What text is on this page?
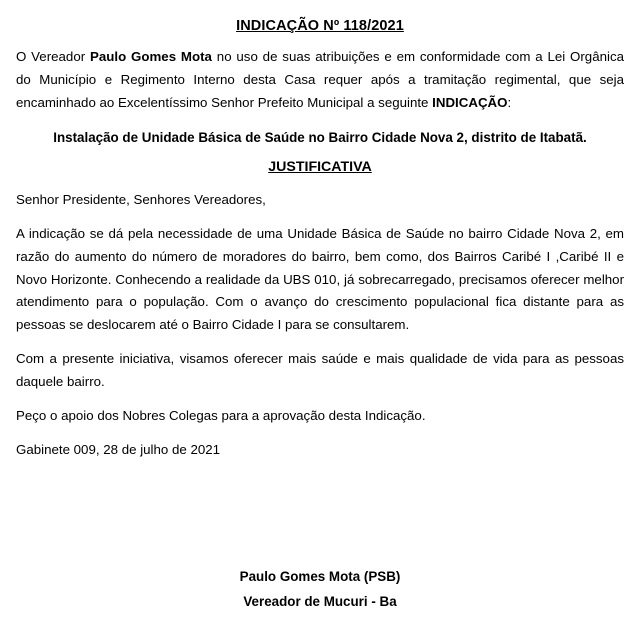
INDICAÇÃO Nº 118/2021

O Vereador Paulo Gomes Mota no uso de suas atribuições e em conformidade com a Lei Orgânica do Município e Regimento Interno desta Casa requer após a tramitação regimental, que seja encaminhado ao Excelentíssimo Senhor Prefeito Municipal a seguinte INDICAÇÃO:

Instalação de Unidade Básica de Saúde no Bairro Cidade Nova 2, distrito de Itabatã.
JUSTIFICATIVA

Senhor Presidente, Senhores Vereadores,

A indicação se dá pela necessidade de uma Unidade Básica de Saúde no bairro Cidade Nova 2, em razão do aumento do número de moradores do bairro, bem como, dos Bairros Caribé I ,Caribé II e Novo Horizonte. Conhecendo a realidade da UBS 010, já sobrecarregado, precisamos oferecer melhor atendimento para o população. Com o avanço do crescimento populacional fica distante para as pessoas se deslocarem até o Bairro Cidade I para se consultarem.

Com a presente iniciativa, visamos oferecer mais saúde e mais qualidade de vida para as pessoas daquele bairro.

Peço o apoio dos Nobres Colegas para a aprovação desta Indicação.

Gabinete 009, 28 de julho de 2021

Paulo Gomes Mota (PSB)
Vereador de Mucuri - Ba
